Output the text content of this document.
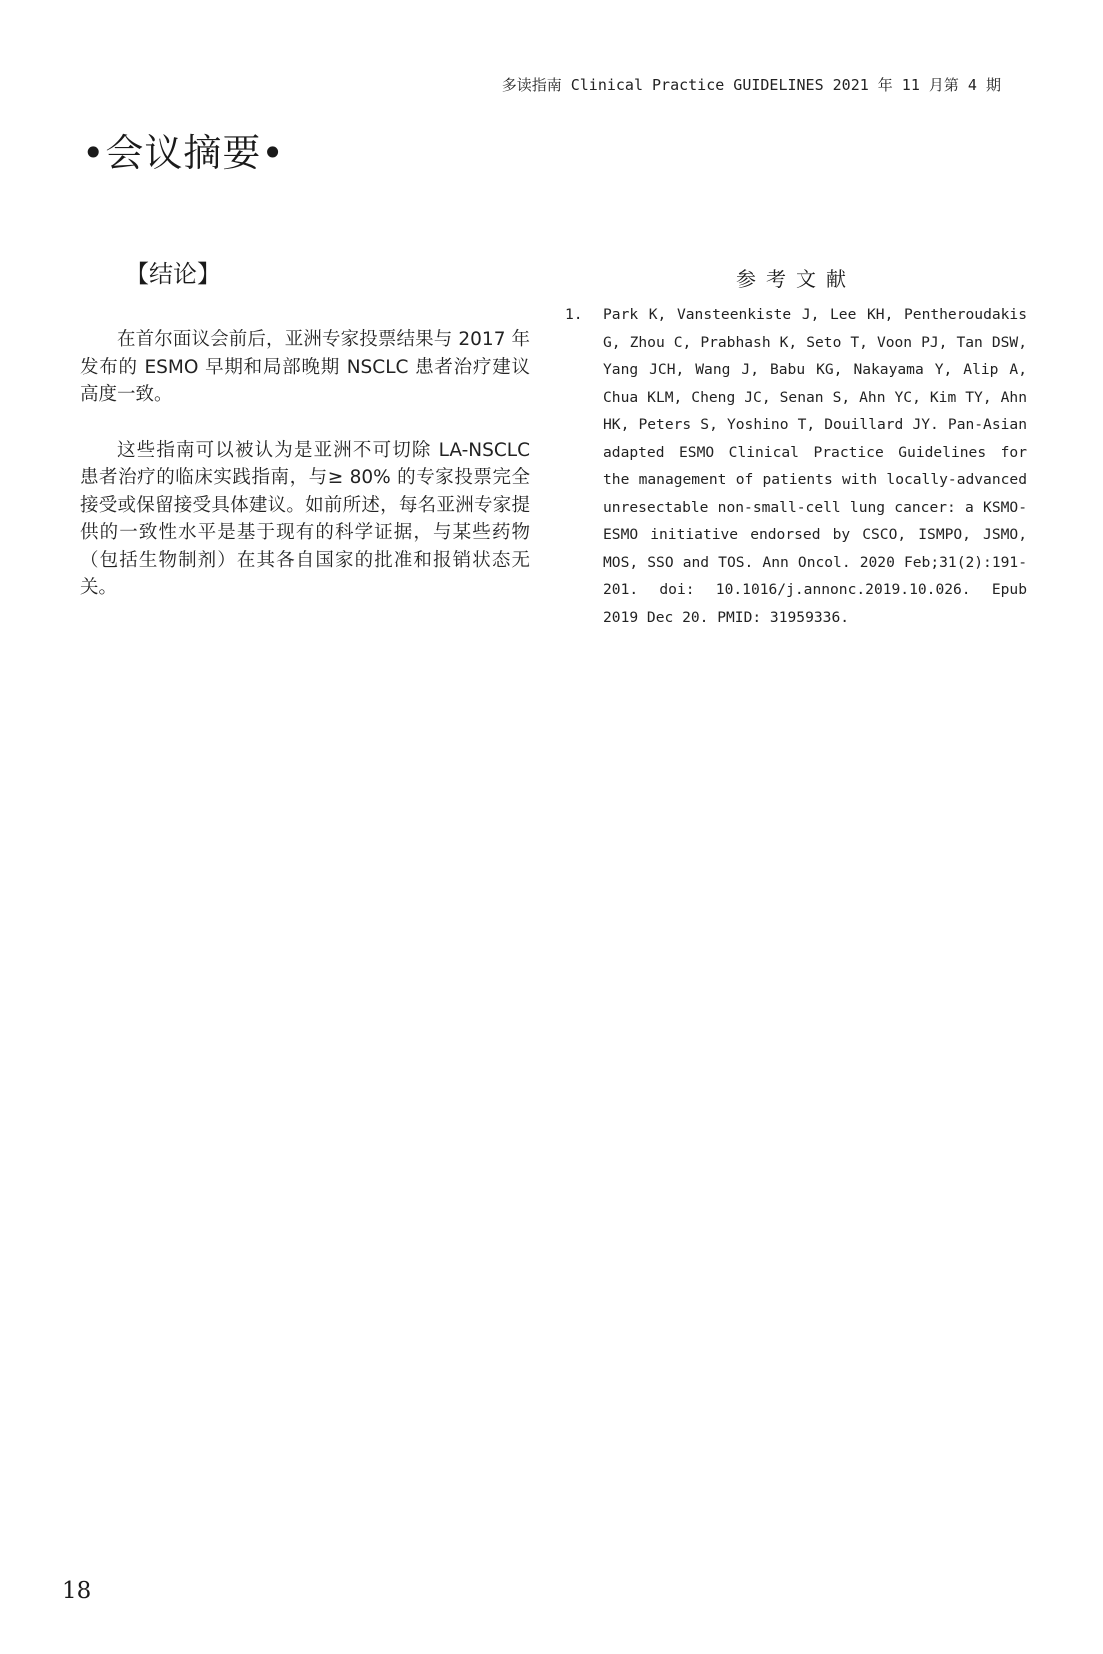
多读指南 Clinical Practice GUIDELINES 2021 年 11 月第 4 期
•会议摘要•
【结论】

在首尔面议会前后，亚洲专家投票结果与 2017 年发布的 ESMO 早期和局部晚期 NSCLC 患者治疗建议高度一致。

这些指南可以被认为是亚洲不可切除 LA-NSCLC 患者治疗的临床实践指南，与≥ 80% 的专家投票完全接受或保留接受具体建议。如前所述，每名亚洲专家提供的一致性水平是基于现有的科学证据，与某些药物（包括生物制剂）在其各自国家的批准和报销状态无关。

参考文献
1.	Park K, Vansteenkiste J, Lee KH, Pentheroudakis G, Zhou C, Prabhash K, Seto T, Voon PJ, Tan DSW, Yang JCH, Wang J, Babu KG, Nakayama Y, Alip A, Chua KLM, Cheng JC, Senan S, Ahn YC, Kim TY, Ahn HK, Peters S, Yoshino T, Douillard JY. Pan-Asian adapted ESMO Clinical Practice Guidelines for the management of patients with locally-advanced unresectable non-small-cell lung cancer: a KSMO-ESMO initiative endorsed by CSCO, ISMPO, JSMO, MOS, SSO and TOS. Ann Oncol. 2020 Feb;31(2):191-201. doi: 10.1016/j.annonc.2019.10.026. Epub 2019 Dec 20. PMID: 31959336.
18
